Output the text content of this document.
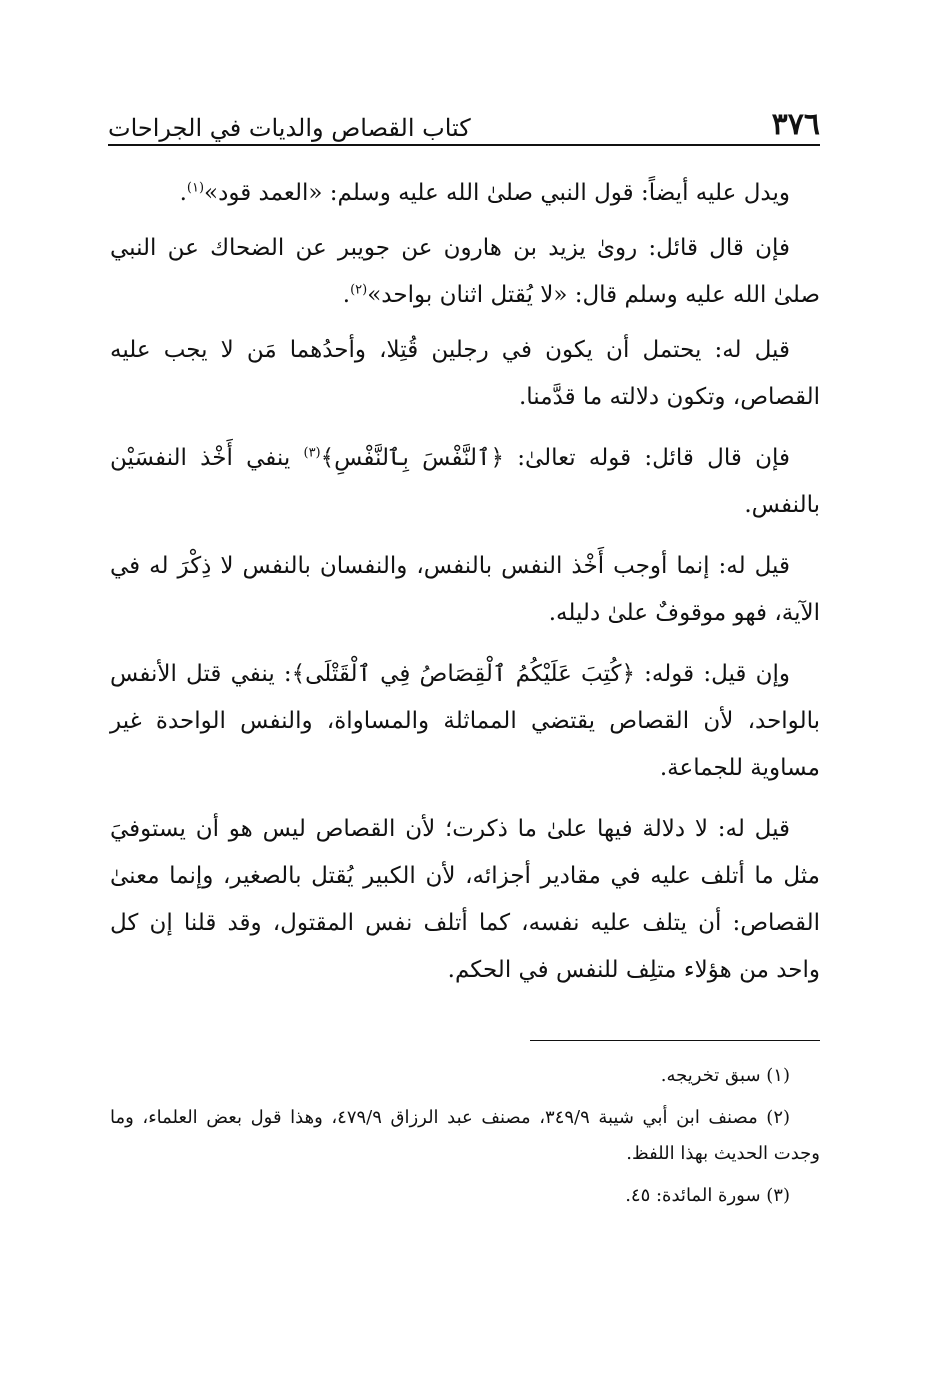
٣٧٦
كتاب القصاص والديات في الجراحات

ويدل عليه أيضاً: قول النبي صلىٰ الله عليه وسلم: «العمد قود»$^{(١)}$.

فإن قال قائل: رویٰ یزید بن هارون عن جویبر عن الضحاك عن النبي صلىٰ الله عليه وسلم قال: «لا يُقتل اثنان بواحد»$^{(٢)}$.

قيل له: يحتمل أن يكون في رجلين قُتِلا، وأحدُهما مَن لا يجب عليه القصاص، وتكون دلالته ما قدَّمنا.

فإن قال قائل: قوله تعالىٰ: ﴿ٱلنَّفْسَ بِٱلنَّفْسِ﴾$^{(٣)}$ ينفي أَخْذ النفسَيْن بالنفس.

قيل له: إنما أوجب أَخْذ النفس بالنفس، والنفسان بالنفس لا ذِكْرَ له في الآية، فهو موقوفٌ علىٰ دليله.

وإن قيل: قوله: ﴿كُتِبَ عَلَيْكُمُ ٱلْقِصَاصُ فِي ٱلْقَتْلَى﴾: ينفي قتل الأنفس بالواحد، لأن القصاص يقتضي المماثلة والمساواة، والنفس الواحدة غير مساوية للجماعة.

قيل له: لا دلالة فيها علىٰ ما ذكرت؛ لأن القصاص ليس هو أن يستوفيَ مثل ما أتلف عليه في مقادير أجزائه، لأن الكبير يُقتل بالصغير، وإنما معنىٰ القصاص: أن يتلف عليه نفسه، كما أتلف نفس المقتول، وقد قلنا إن كل واحد من هؤلاء متلِف للنفس في الحكم.

(١) سبق تخريجه.

(٢) مصنف ابن أبي شيبة ٣٤٩/٩، مصنف عبد الرزاق ٤٧٩/٩، وهذا قول بعض العلماء، وما وجدت الحديث بهذا اللفظ.

(٣) سورة المائدة: ٤٥.
